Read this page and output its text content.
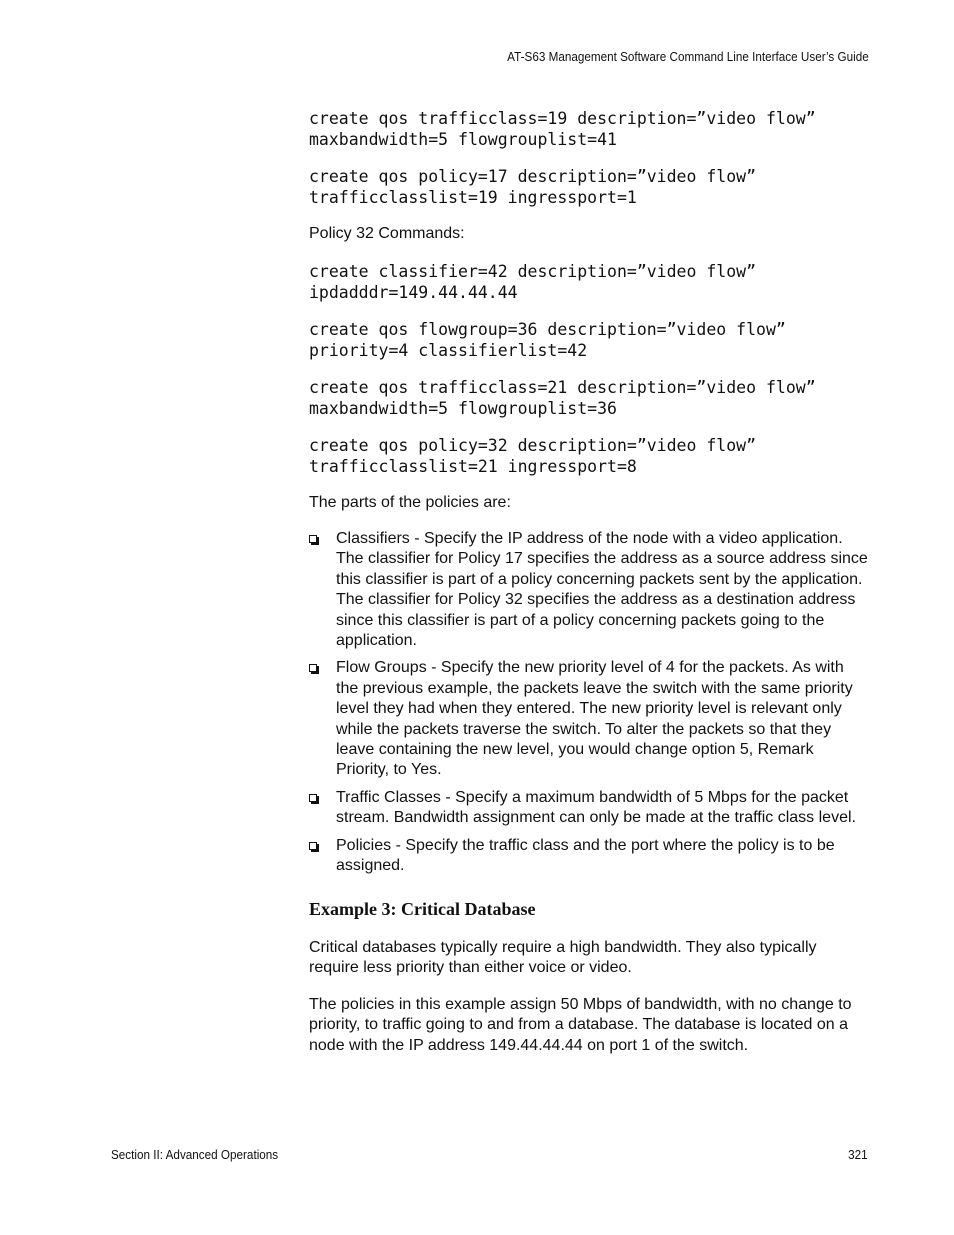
AT-S63 Management Software Command Line Interface User’s Guide
create qos trafficclass=19 description=”video flow”
maxbandwidth=5 flowgrouplist=41
create qos policy=17 description=”video flow”
trafficclasslist=19 ingressport=1
Policy 32 Commands:
create classifier=42 description=”video flow”
ipdadddr=149.44.44.44
create qos flowgroup=36 description=”video flow”
priority=4 classifierlist=42
create qos trafficclass=21 description=”video flow”
maxbandwidth=5 flowgrouplist=36
create qos policy=32 description=”video flow”
trafficclasslist=21 ingressport=8
The parts of the policies are:
Classifiers - Specify the IP address of the node with a video application. The classifier for Policy 17 specifies the address as a source address since this classifier is part of a policy concerning packets sent by the application. The classifier for Policy 32 specifies the address as a destination address since this classifier is part of a policy concerning packets going to the application.
Flow Groups - Specify the new priority level of 4 for the packets. As with the previous example, the packets leave the switch with the same priority level they had when they entered. The new priority level is relevant only while the packets traverse the switch. To alter the packets so that they leave containing the new level, you would change option 5, Remark Priority, to Yes.
Traffic Classes - Specify a maximum bandwidth of 5 Mbps for the packet stream. Bandwidth assignment can only be made at the traffic class level.
Policies - Specify the traffic class and the port where the policy is to be assigned.
Example 3: Critical Database
Critical databases typically require a high bandwidth. They also typically require less priority than either voice or video.
The policies in this example assign 50 Mbps of bandwidth, with no change to priority, to traffic going to and from a database. The database is located on a node with the IP address 149.44.44.44 on port 1 of the switch.
Section II: Advanced Operations	321
